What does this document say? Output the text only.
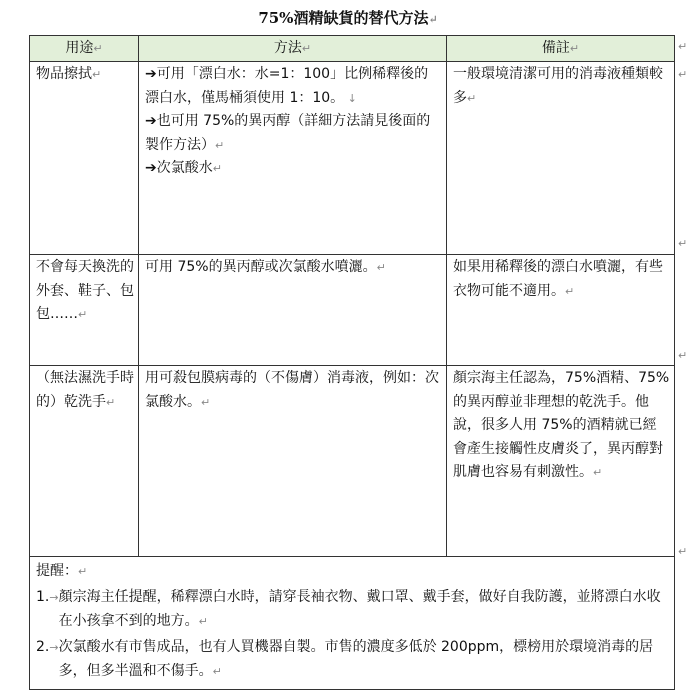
75%酒精缺貨的替代方法↵
用途↵	方法↵	備註↵
物品擦拭↵	➔可用「漂白水：水=1：100」比例稀釋後的漂白水，僅馬桶須使用 1：10。 ↓
➔也可用 75%的異丙醇（詳細方法請見後面的製作方法）↵
➔次氯酸水↵	一般環境清潔可用的消毒液種類較多↵
不會每天換洗的外套、鞋子、包包……↵	可用 75%的異丙醇或次氯酸水噴灑。↵	如果用稀釋後的漂白水噴灑，有些衣物可能不適用。↵
（無法濕洗手時的）乾洗手↵	用可殺包膜病毒的（不傷膚）消毒液，例如：次氯酸水。↵	顏宗海主任認為，75%酒精、75%的異丙醇並非理想的乾洗手。他說，很多人用 75%的酒精就已經會產生接觸性皮膚炎了，異丙醇對肌膚也容易有刺激性。↵

提醒：↵

1.→ 顏宗海主任提醒，稀釋漂白水時，請穿長袖衣物、戴口罩、戴手套，做好自我防護，並將漂白水收在小孩拿不到的地方。↵
2.→ 次氯酸水有市售成品，也有人買機器自製。市售的濃度多低於 200ppm，標榜用於環境消毒的居多，但多半溫和不傷手。↵		
↵
↵
↵
↵
↵
